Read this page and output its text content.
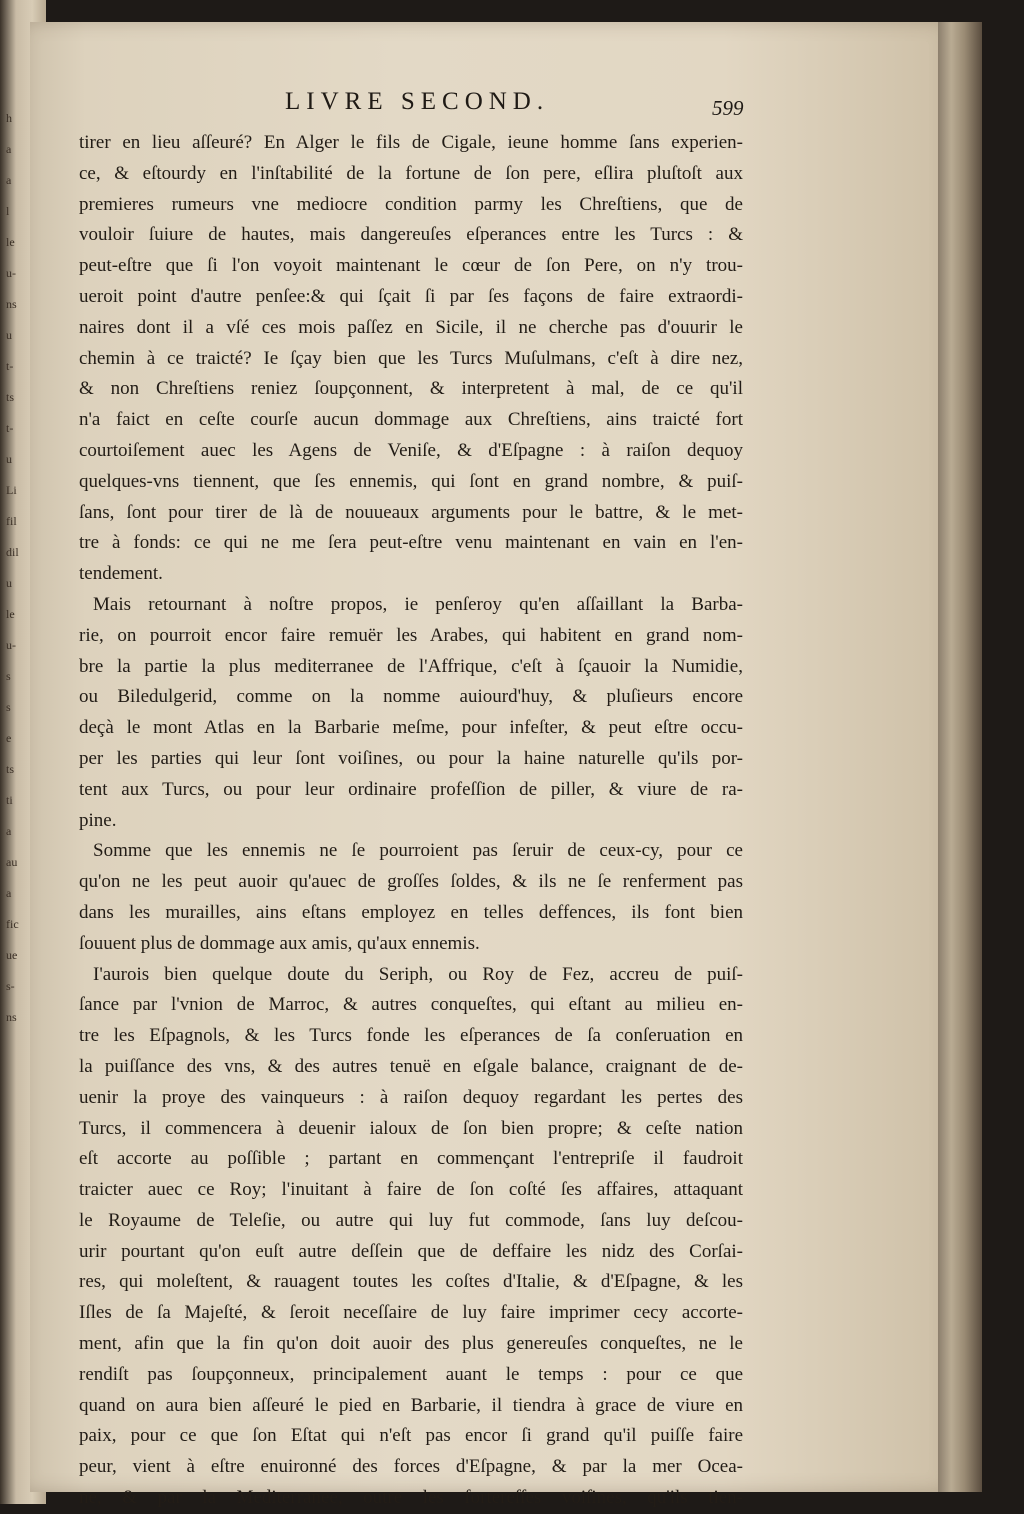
h
a
a
l
le
u-
ns
u
t-
ts
t-
u
Li
fil
dil
u
le
u-
s
s
e
ts
ti
a
au
a
fic
ue
s-
ns
LIVRE SECOND.	599
tirer en lieu aſſeuré? En Alger le fils de Cigale, ieune homme ſans experien-
ce, & eſtourdy en l'inſtabilité de la fortune de ſon pere, eſlira pluſtoſt aux
premieres rumeurs vne mediocre condition parmy les Chreſtiens, que de
vouloir ſuiure de hautes, mais dangereuſes eſperances entre les Turcs : &
peut-eſtre que ſi l'on voyoit maintenant le cœur de ſon Pere, on n'y trou-
ueroit point d'autre penſee:& qui ſçait ſi par ſes façons de faire extraordi-
naires dont il a vſé ces mois paſſez en Sicile, il ne cherche pas d'ouurir le
chemin à ce traicté? Ie ſçay bien que les Turcs Muſulmans, c'eſt à dire nez,
& non Chreſtiens reniez ſoupçonnent, & interpretent à mal, de ce qu'il
n'a faict en ceſte courſe aucun dommage aux Chreſtiens, ains traicté fort
courtoiſement auec les Agens de Veniſe, & d'Eſpagne : à raiſon dequoy
quelques-vns tiennent, que ſes ennemis, qui ſont en grand nombre, & puiſ-
ſans, ſont pour tirer de là de nouueaux arguments pour le battre, & le met-
tre à fonds: ce qui ne me ſera peut-eſtre venu maintenant en vain en l'en-
tendement.
Mais retournant à noſtre propos, ie penſeroy qu'en aſſaillant la Barba-
rie, on pourroit encor faire remuër les Arabes, qui habitent en grand nom-
bre la partie la plus mediterranee de l'Affrique, c'eſt à ſçauoir la Numidie,
ou Biledulgerid, comme on la nomme auiourd'huy, & pluſieurs encore
deçà le mont Atlas en la Barbarie meſme, pour infeſter, & peut eſtre occu-
per les parties qui leur ſont voiſines, ou pour la haine naturelle qu'ils por-
tent aux Turcs, ou pour leur ordinaire profeſſion de piller, & viure de ra-
pine.
Somme que les ennemis ne ſe pourroient pas ſeruir de ceux-cy, pour ce
qu'on ne les peut auoir qu'auec de groſſes ſoldes, & ils ne ſe renferment pas
dans les murailles, ains eſtans employez en telles deffences, ils font bien
ſouuent plus de dommage aux amis, qu'aux ennemis.
I'aurois bien quelque doute du Seriph, ou Roy de Fez, accreu de puiſ-
ſance par l'vnion de Marroc, & autres conqueſtes, qui eſtant au milieu en-
tre les Eſpagnols, & les Turcs fonde les eſperances de ſa conſeruation en
la puiſſance des vns, & des autres tenuë en eſgale balance, craignant de de-
uenir la proye des vainqueurs : à raiſon dequoy regardant les pertes des
Turcs, il commencera à deuenir ialoux de ſon bien propre; & ceſte nation
eſt accorte au poſſible ; partant en commençant l'entrepriſe il faudroit
traicter auec ce Roy; l'inuitant à faire de ſon coſté ſes affaires, attaquant
le Royaume de Teleſie, ou autre qui luy fut commode, ſans luy deſcou-
urir pourtant qu'on euſt autre deſſein que de deffaire les nidz des Corſai-
res, qui moleſtent, & rauagent toutes les coſtes d'Italie, & d'Eſpagne, & les
Iſles de ſa Majeſté, & ſeroit neceſſaire de luy faire imprimer cecy accorte-
ment, afin que la fin qu'on doit auoir des plus genereuſes conqueſtes, ne le
rendiſt pas ſoupçonneux, principalement auant le temps : pour ce que
quand on aura bien aſſeuré le pied en Barbarie, il tiendra à grace de viure en
paix, pour ce que ſon Eſtat qui n'eſt pas encor ſi grand qu'il puiſſe faire
peur, vient à eſtre enuironné des forces d'Eſpagne, & par la mer Ocea-
ne, & par la Mediterranee, outre les fortereſſes voiſines, qu'ils tien-
